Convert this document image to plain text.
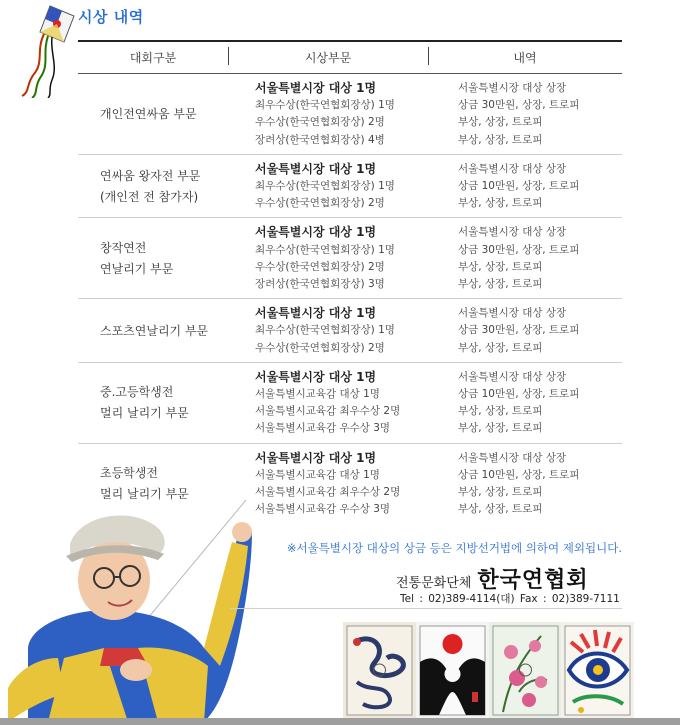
시상 내역
대회구분	시상부문	내역
개인전연싸움 부문
서울특별시장 대상 1명
최우수상(한국연협회장상) 1명
우수상(한국연협회장상) 2명
장려상(한국연협회장상) 4병
서울특별시장 대상 상장
상금 30만원, 상장, 트로피
부상, 상장, 트로피
부상, 상장, 트로피
연싸움 왕자전 부문
(개인전 전 참가자)
서울특별시장 대상 1명
최우수상(한국연협회장상) 1명
우수상(한국연협회장상) 2명
서울특별시장 대상 상장
상금 10만원, 상장, 트로피
부상, 상장, 트로피
창작연전
연날리기 부문
서울특별시장 대상 1명
최우수상(한국연협회장상) 1명
우수상(한국연협회장상) 2명
장려상(한국연협회장상) 3명
서울특별시장 대상 상장
상금 30만원, 상장, 트로피
부상, 상장, 트로피
부상, 상장, 트로피
스포츠연날리기 부문
서울특별시장 대상 1명
최우수상(한국연협회장상) 1명
우수상(한국연협회장상) 2명
서울특별시장 대상 상장
상금 30만원, 상장, 트로피
부상, 상장, 트로피
중.고등학생전
멀리 날리기 부문
서울특별시장 대상 1명
서울특별시교육감 대상 1명
서울특별시교육감 최우수상 2명
서울특별시교육감 우수상 3명
서울특별시장 대상 상장
상금 10만원, 상장, 트로피
부상, 상장, 트로피
부상, 상장, 트로피
초등학생전
멀리 날리기 부문
서울특별시장 대상 1명
서울특별시교육감 대상 1명
서울특별시교육감 최우수상 2명
서울특별시교육감 우수상 3명
서울특별시장 대상 상장
상금 10만원, 상장, 트로피
부상, 상장, 트로피
부상, 상장, 트로피
※서울특별시장 대상의 상금 등은 지방선거법에 의하여 제외됩니다.
전통문화단체 한국연협회
Tel : 02)389-4114(대) Fax : 02)389-7111
